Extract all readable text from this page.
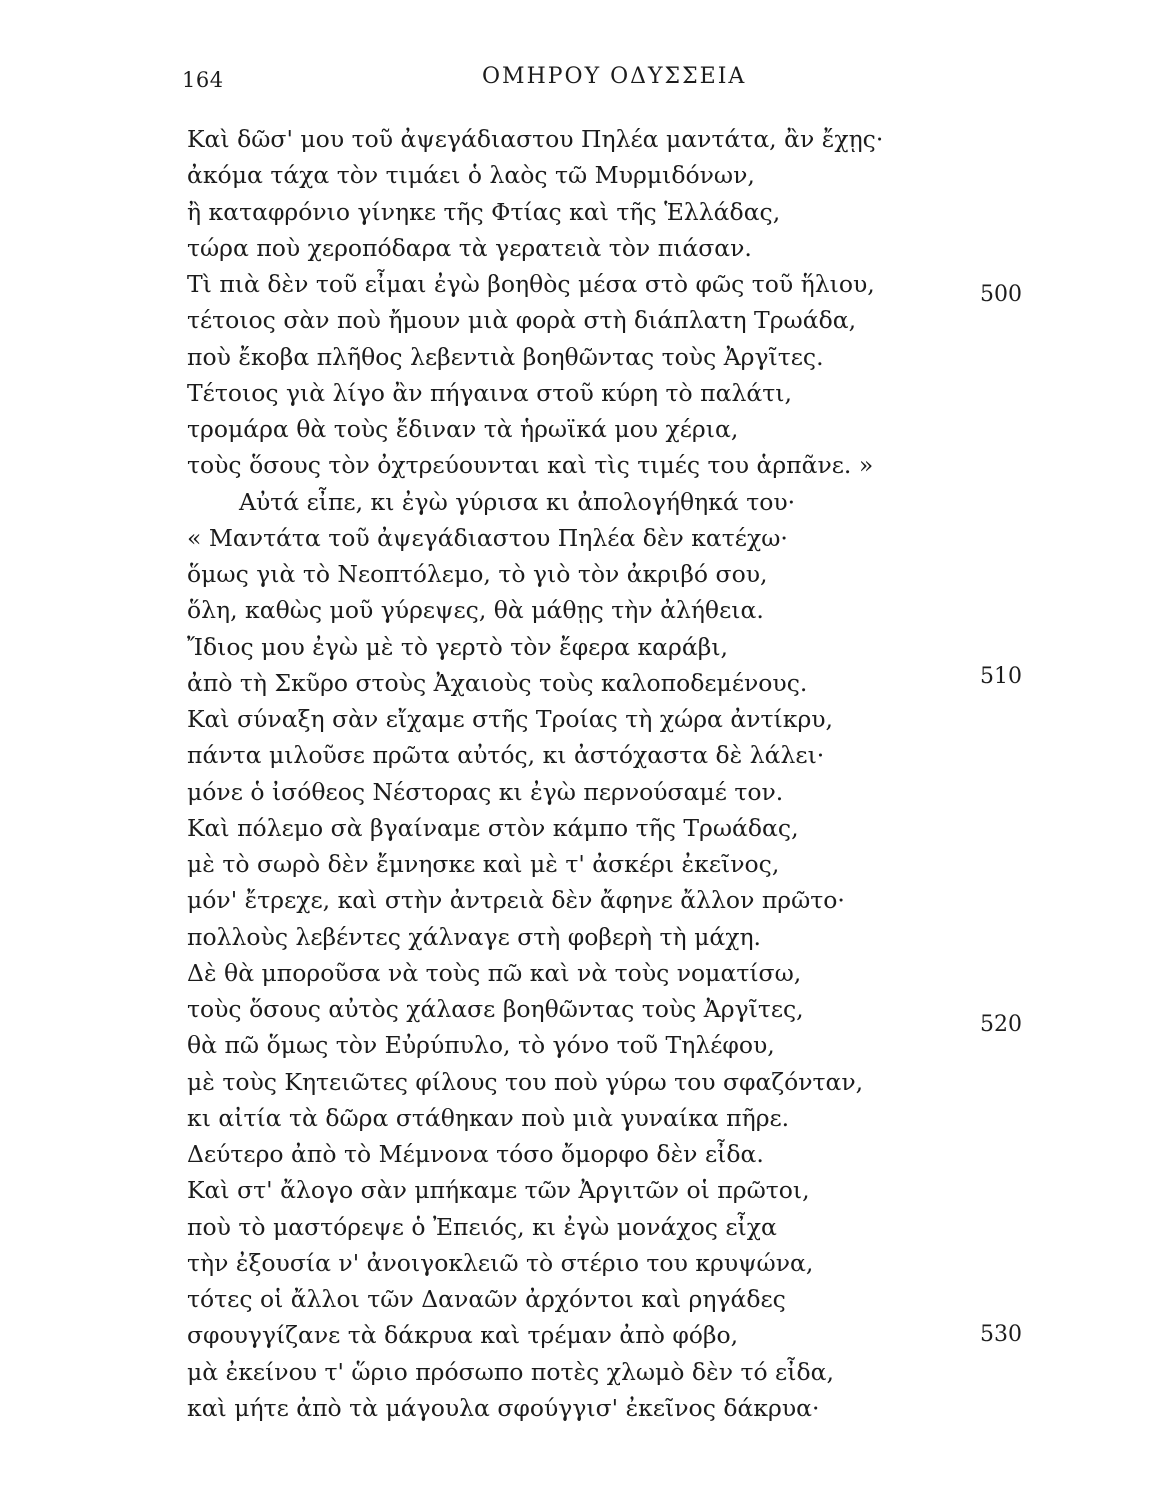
164	ΟΜΗΡΟΥ ΟΔΥΣΣΕΙΑ
Καὶ δῶσ' μου τοῦ ἀψεγάδιαστου Πηλέα μαντάτα, ἂν ἔχῃς·
ἀκόμα τάχα τὸν τιμάει ὁ λαὸς τῶ Μυρμιδόνων,
ἢ καταφρόνιο γίνηκε τῆς Φτίας καὶ τῆς Ἑλλάδας,
τώρα ποὺ χεροπόδαρα τὰ γερατειὰ τὸν πιάσαν.
Τὶ πιὰ δὲν τοῦ εἶμαι ἐγὼ βοηθὸς μέσα στὸ φῶς τοῦ ἥλιου,
τέτοιος σὰν ποὺ ἤμουν μιὰ φορὰ στὴ διάπλατη Τρωάδα,
ποὺ ἔκοβα πλῆθος λεβεντιὰ βοηθῶντας τοὺς Ἀργῖτες.
Τέτοιος γιὰ λίγο ἂν πήγαινα στοῦ κύρη τὸ παλάτι,
τρομάρα θὰ τοὺς ἔδιναν τὰ ἡρωϊκά μου χέρια,
τοὺς ὅσους τὸν ὀχτρεύουνται καὶ τὶς τιμές του ἁρπᾶνε. »
Αὐτά εἶπε, κι ἐγὼ γύρισα κι ἀπολογήθηκά του·
« Μαντάτα τοῦ ἀψεγάδιαστου Πηλέα δὲν κατέχω·
ὅμως γιὰ τὸ Νεοπτόλεμο, τὸ γιὸ τὸν ἀκριβό σου,
ὅλη, καθὼς μοῦ γύρεψες, θὰ μάθῃς τὴν ἀλήθεια.
Ἴδιος μου ἐγὼ μὲ τὸ γερτὸ τὸν ἔφερα καράβι,
ἀπὸ τὴ Σκῦρο στοὺς Ἀχαιοὺς τοὺς καλοποδεμένους.
Καὶ σύναξη σὰν εἴχαμε στῆς Τροίας τὴ χώρα ἀντίκρυ,
πάντα μιλοῦσε πρῶτα αὐτός, κι ἀστόχαστα δὲ λάλει·
μόνε ὁ ἰσόθεος Νέστορας κι ἐγὼ περνούσαμέ τον.
Καὶ πόλεμο σὰ βγαίναμε στὸν κάμπο τῆς Τρωάδας,
μὲ τὸ σωρὸ δὲν ἔμνησκε καὶ μὲ τ' ἀσκέρι ἐκεῖνος,
μόν' ἔτρεχε, καὶ στὴν ἀντρειὰ δὲν ἄφηνε ἄλλον πρῶτο·
πολλοὺς λεβέντες χάλναγε στὴ φοβερὴ τὴ μάχη.
Δὲ θὰ μποροῦσα νὰ τοὺς πῶ καὶ νὰ τοὺς νοματίσω,
τοὺς ὅσους αὐτὸς χάλασε βοηθῶντας τοὺς Ἀργῖτες,
θὰ πῶ ὅμως τὸν Εὐρύπυλο, τὸ γόνο τοῦ Τηλέφου,
μὲ τοὺς Κητειῶτες φίλους του ποὺ γύρω του σφαζόνταν,
κι αἰτία τὰ δῶρα στάθηκαν ποὺ μιὰ γυναίκα πῆρε.
Δεύτερο ἀπὸ τὸ Μέμνονα τόσο ὄμορφο δὲν εἶδα.
Καὶ στ' ἄλογο σὰν μπήκαμε τῶν Ἀργιτῶν οἱ πρῶτοι,
ποὺ τὸ μαστόρεψε ὁ Ἐπειός, κι ἐγὼ μονάχος εἶχα
τὴν ἐξουσία ν' ἀνοιγοκλειῶ τὸ στέριο του κρυψώνα,
τότες οἱ ἄλλοι τῶν Δαναῶν ἀρχόντοι καὶ ρηγάδες
σφουγγίζανε τὰ δάκρυα καὶ τρέμαν ἀπὸ φόβο,
μὰ ἐκείνου τ' ὥριο πρόσωπο ποτὲς χλωμὸ δὲν τό εἶδα,
καὶ μήτε ἀπὸ τὰ μάγουλα σφούγγισ' ἐκεῖνος δάκρυα·
500
510
520
530
